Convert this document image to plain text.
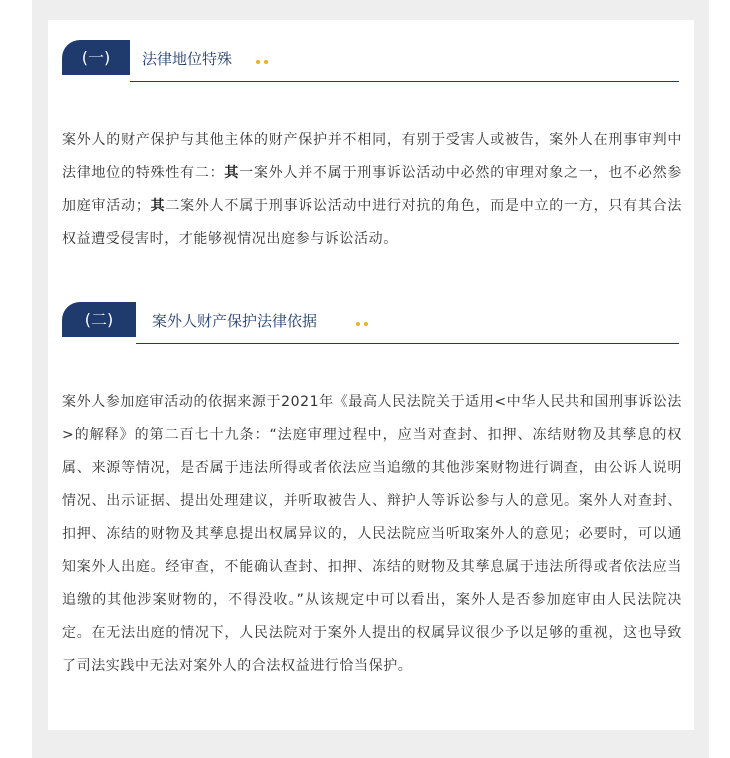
(一)	法律地位特殊
案外人的财产保护与其他主体的财产保护并不相同，有别于受害人或被告，案外人在刑事审判中法律地位的特殊性有二：其一案外人并不属于刑事诉讼活动中必然的审理对象之一，也不必然参加庭审活动；其二案外人不属于刑事诉讼活动中进行对抗的角色，而是中立的一方，只有其合法权益遭受侵害时，才能够视情况出庭参与诉讼活动。
(二)	案外人财产保护法律依据
案外人参加庭审活动的依据来源于2021年《最高人民法院关于适用<中华人民共和国刑事诉讼法>的解释》的第二百七十九条：“法庭审理过程中，应当对查封、扣押、冻结财物及其孳息的权属、来源等情况，是否属于违法所得或者依法应当追缴的其他涉案财物进行调查，由公诉人说明情况、出示证据、提出处理建议，并听取被告人、辩护人等诉讼参与人的意见。案外人对查封、扣押、冻结的财物及其孳息提出权属异议的，人民法院应当听取案外人的意见；必要时，可以通知案外人出庭。经审查，不能确认查封、扣押、冻结的财物及其孳息属于违法所得或者依法应当追缴的其他涉案财物的，不得没收。”从该规定中可以看出，案外人是否参加庭审由人民法院决定。在无法出庭的情况下，人民法院对于案外人提出的权属异议很少予以足够的重视，这也导致了司法实践中无法对案外人的合法权益进行恰当保护。
